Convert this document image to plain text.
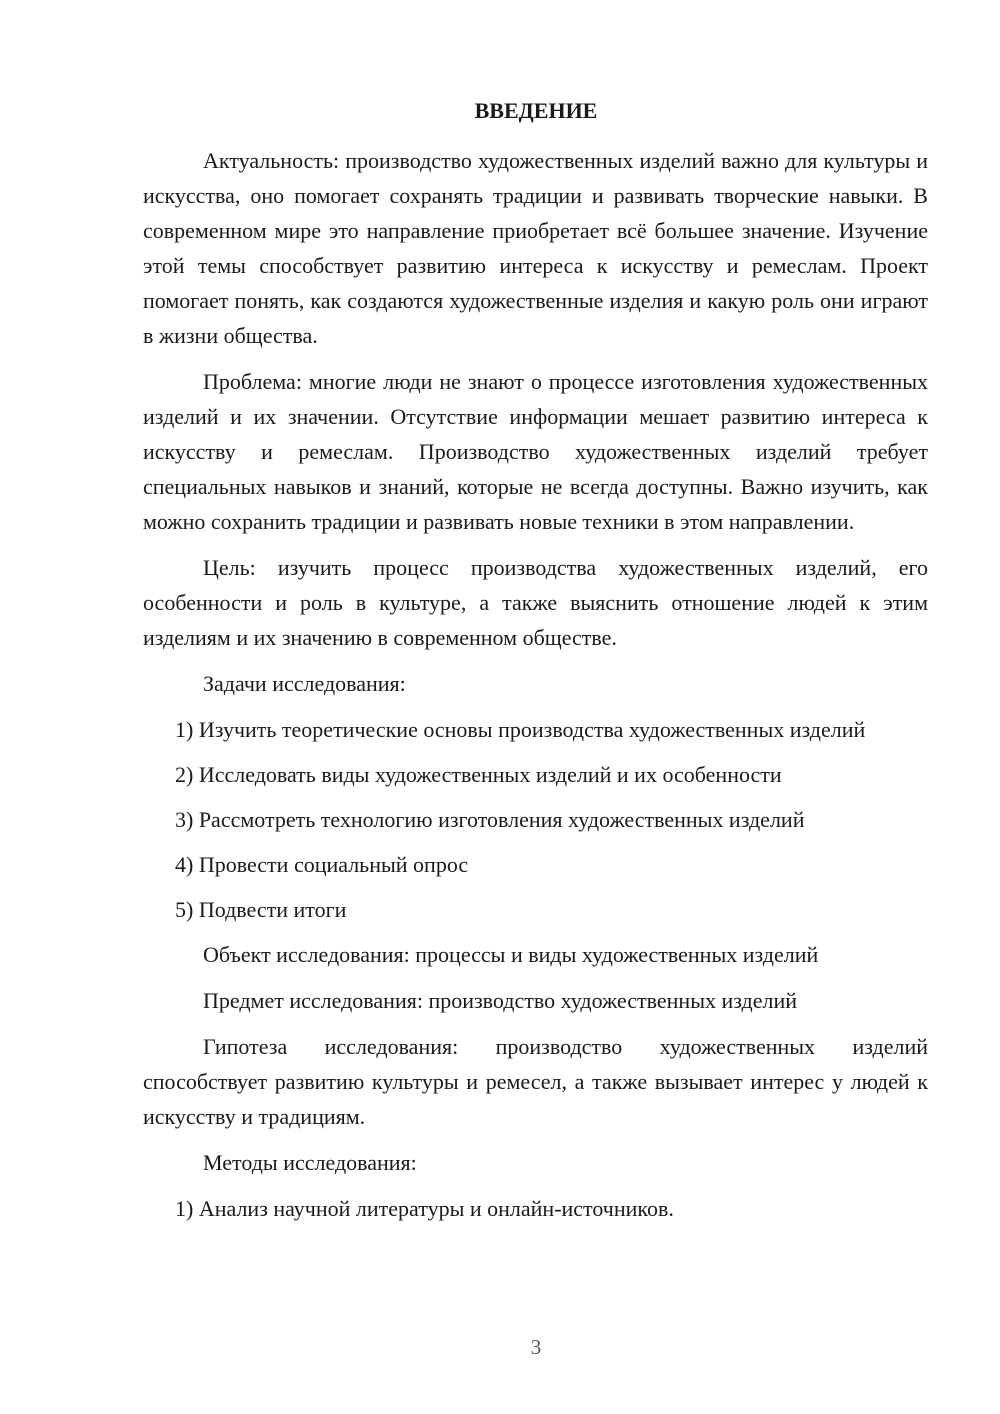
ВВЕДЕНИЕ

Актуальность: производство художественных изделий важно для культуры и искусства, оно помогает сохранять традиции и развивать творческие навыки. В современном мире это направление приобретает всё большее значение. Изучение этой темы способствует развитию интереса к искусству и ремеслам. Проект помогает понять, как создаются художественные изделия и какую роль они играют в жизни общества.

Проблема: многие люди не знают о процессе изготовления художественных изделий и их значении. Отсутствие информации мешает развитию интереса к искусству и ремеслам. Производство художественных изделий требует специальных навыков и знаний, которые не всегда доступны. Важно изучить, как можно сохранить традиции и развивать новые техники в этом направлении.

Цель: изучить процесс производства художественных изделий, его особенности и роль в культуре, а также выяснить отношение людей к этим изделиям и их значению в современном обществе.

Задачи исследования:

1) Изучить теоретические основы производства художественных изделий

2) Исследовать виды художественных изделий и их особенности

3) Рассмотреть технологию изготовления художественных изделий

4) Провести социальный опрос

5) Подвести итоги

Объект исследования: процессы и виды художественных изделий

Предмет исследования: производство художественных изделий

Гипотеза исследования: производство художественных изделий способствует развитию культуры и ремесел, а также вызывает интерес у людей к искусству и традициям.

Методы исследования:

1) Анализ научной литературы и онлайн-источников.

3
